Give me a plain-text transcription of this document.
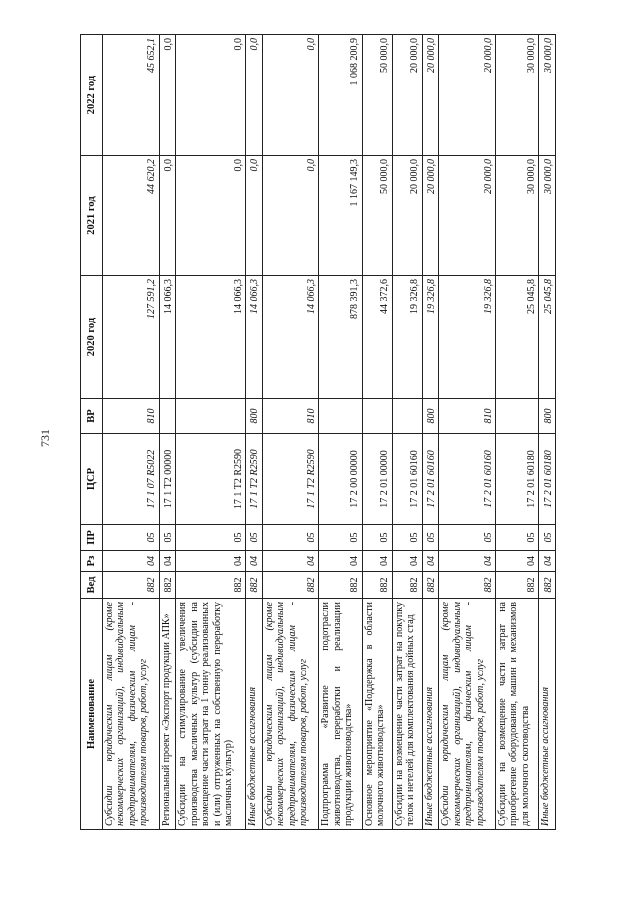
731
Наименование	Вед	Рз	ПР	ЦСР	ВР	2020 год	2021 год	2022 год
Субсидии юридическим лицам (кроме некоммерческих организаций), индивидуальным предпринимателям, физическим лицам - производителям товаров, работ, услуг	882	04	05	17 1 07 R5022	810	127 591,2	44 620,2	45 652,1
Региональный проект «Экспорт продукции АПК»	882	04	05	17 1 T2 00000		14 066,3	0,0	0,0
Субсидии на стимулирование увеличения производства масличных культур (субсидии на возмещение части затрат на 1 тонну реализованных и (или) отгруженных на собственную переработку масличных культур)	882	04	05	17 1 T2 R2590		14 066,3	0,0	0,0
Иные бюджетные ассигнования	882	04	05	17 1 T2 R2590	800	14 066,3	0,0	0,0
Субсидии юридическим лицам (кроме некоммерческих организаций), индивидуальным предпринимателям, физическим лицам - производителям товаров, работ, услуг	882	04	05	17 1 T2 R2590	810	14 066,3	0,0	0,0
Подпрограмма «Развитие подотрасли животноводства, переработки и реализации продукции животноводства»	882	04	05	17 2 00 00000		878 391,3	1 167 149,3	1 068 200,9
Основное мероприятие «Поддержка в области молочного животноводства»	882	04	05	17 2 01 00000		44 372,6	50 000,0	50 000,0
Субсидии на возмещение части затрат на покупку телок и нетелей для комплектования дойных стад	882	04	05	17 2 01 60160		19 326,8	20 000,0	20 000,0
Иные бюджетные ассигнования	882	04	05	17 2 01 60160	800	19 326,8	20 000,0	20 000,0
Субсидии юридическим лицам (кроме некоммерческих организаций), индивидуальным предпринимателям, физическим лицам - производителям товаров, работ, услуг	882	04	05	17 2 01 60160	810	19 326,8	20 000,0	20 000,0
Субсидии на возмещение части затрат на приобретение оборудования, машин и механизмов для молочного скотоводства	882	04	05	17 2 01 60180		25 045,8	30 000,0	30 000,0
Иные бюджетные ассигнования	882	04	05	17 2 01 60180	800	25 045,8	30 000,0	30 000,0
